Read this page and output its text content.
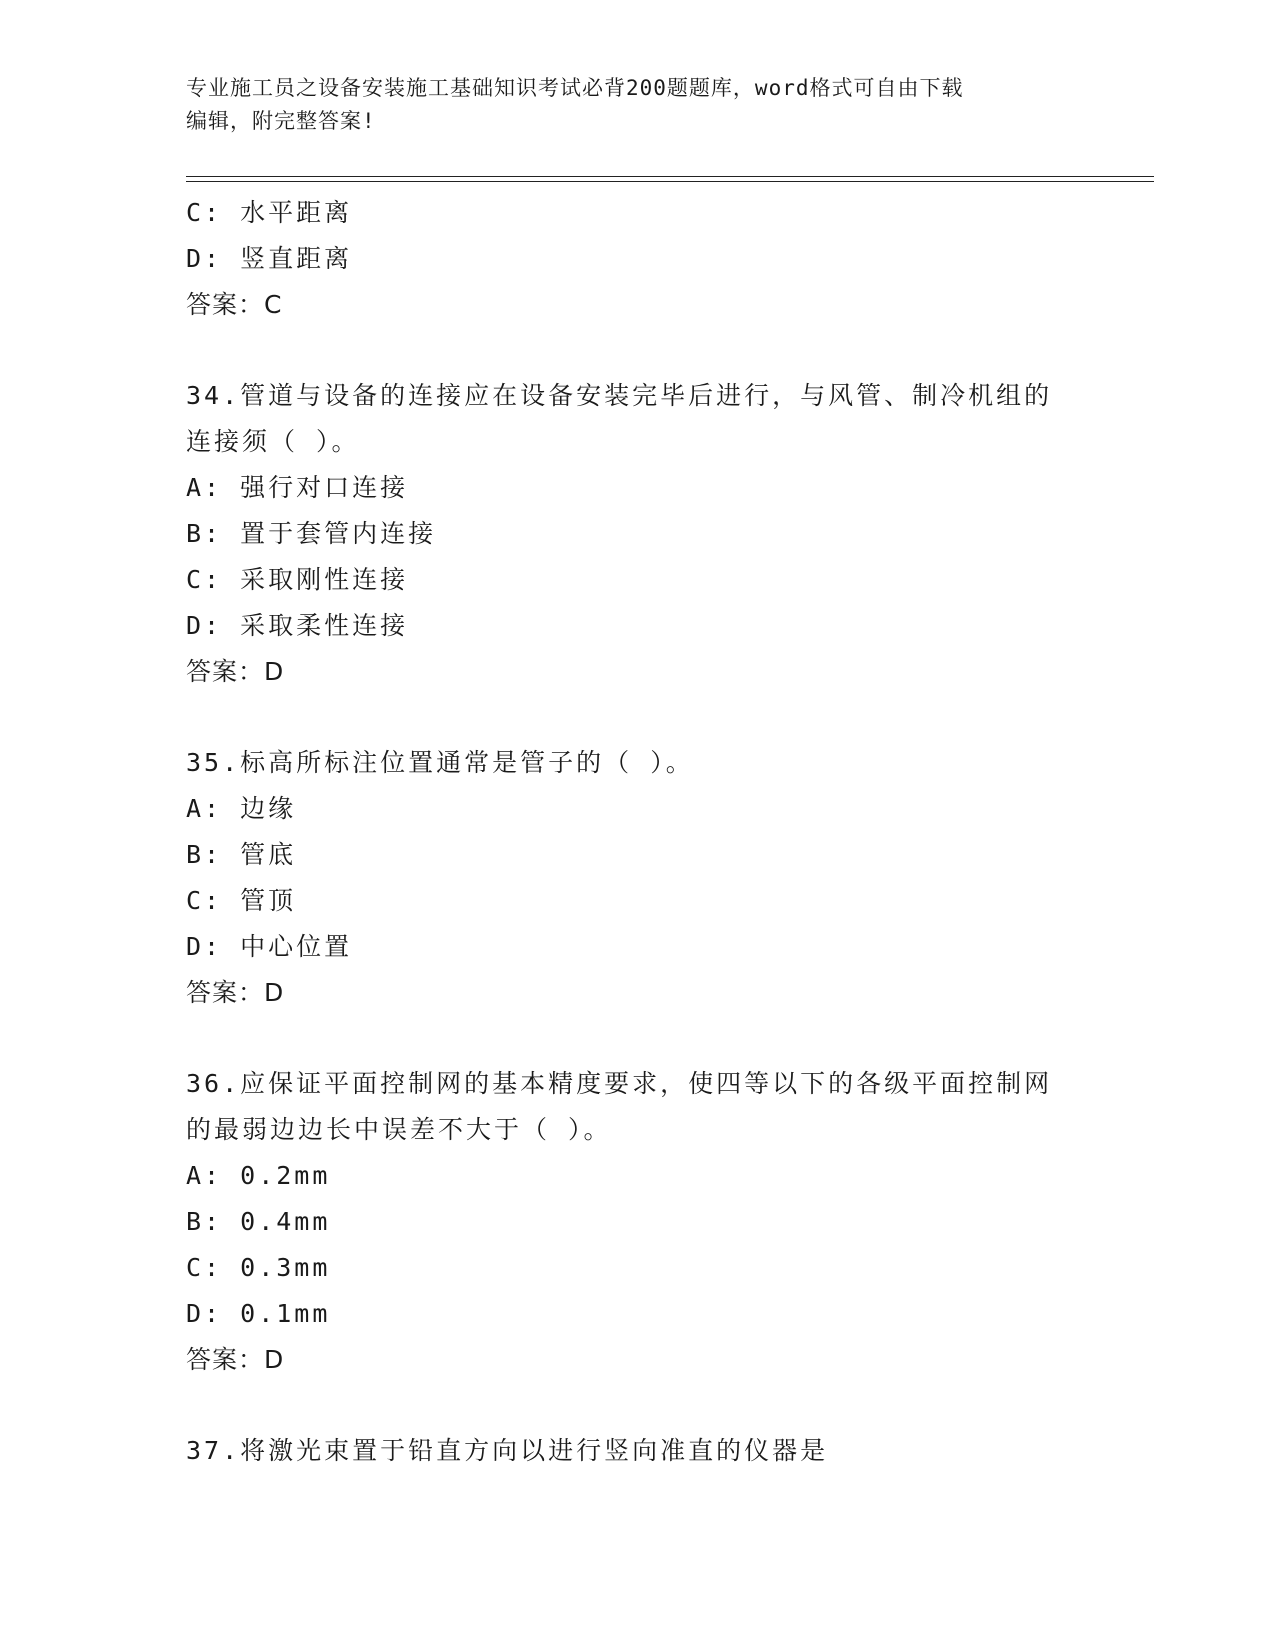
专业施工员之设备安装施工基础知识考试必背200题题库，word格式可自由下载
编辑，附完整答案!
C: 水平距离
D: 竖直距离
答案：C
34.管道与设备的连接应在设备安装完毕后进行，与风管、制冷机组的
连接须（ ）。
A: 强行对口连接
B: 置于套管内连接
C: 采取刚性连接
D: 采取柔性连接
答案：D
35.标高所标注位置通常是管子的（ ）。
A: 边缘
B: 管底
C: 管顶
D: 中心位置
答案：D
36.应保证平面控制网的基本精度要求，使四等以下的各级平面控制网
的最弱边边长中误差不大于（ ）。
A: 0.2mm
B: 0.4mm
C: 0.3mm
D: 0.1mm
答案：D
37.将激光束置于铅直方向以进行竖向准直的仪器是
